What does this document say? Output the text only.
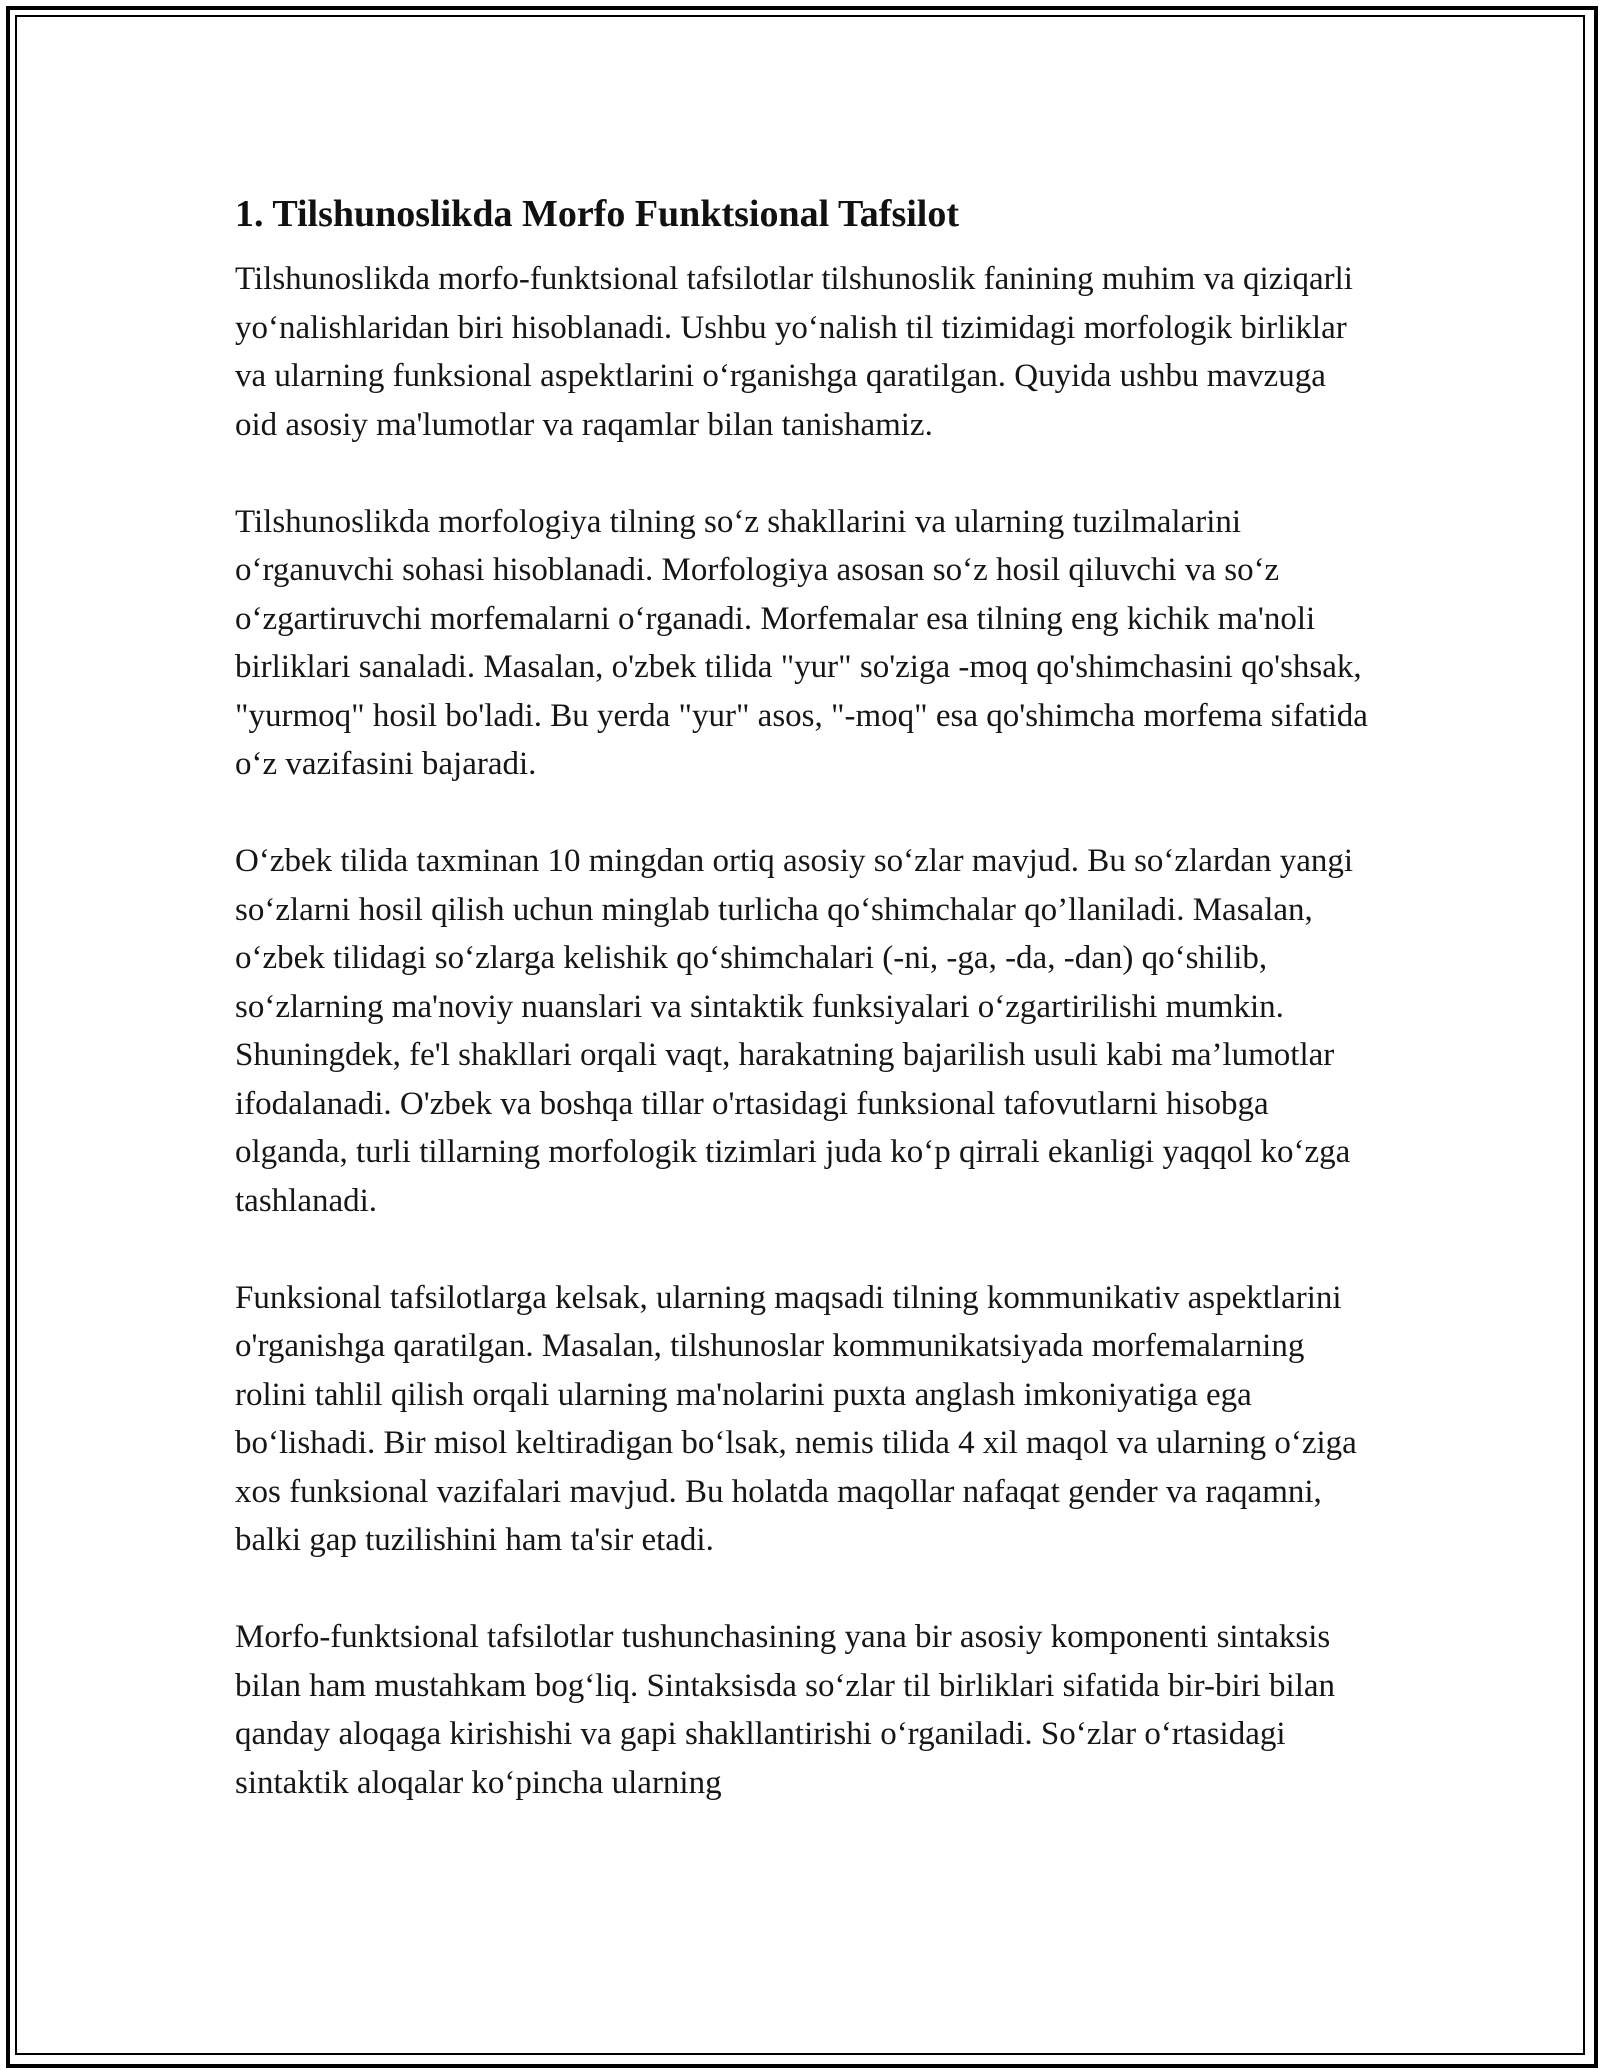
1. Tilshunoslikda Morfo Funktsional Tafsilot

Tilshunoslikda morfo-funktsional tafsilotlar tilshunoslik fanining muhim va qiziqarli yo‘nalishlaridan biri hisoblanadi. Ushbu yo‘nalish til tizimidagi morfologik birliklar va ularning funksional aspektlarini o‘rganishga qaratilgan. Quyida ushbu mavzuga oid asosiy ma'lumotlar va raqamlar bilan tanishamiz.

Tilshunoslikda morfologiya tilning so‘z shakllarini va ularning tuzilmalarini o‘rganuvchi sohasi hisoblanadi. Morfologiya asosan so‘z hosil qiluvchi va so‘z o‘zgartiruvchi morfemalarni o‘rganadi. Morfemalar esa tilning eng kichik ma'noli birliklari sanaladi. Masalan, o'zbek tilida "yur" so'ziga -moq qo'shimchasini qo'shsak, "yurmoq" hosil bo'ladi. Bu yerda "yur" asos, "-moq" esa qo'shimcha morfema sifatida o‘z vazifasini bajaradi.

O‘zbek tilida taxminan 10 mingdan ortiq asosiy so‘zlar mavjud. Bu so‘zlardan yangi so‘zlarni hosil qilish uchun minglab turlicha qo‘shimchalar qo’llaniladi. Masalan, o‘zbek tilidagi so‘zlarga kelishik qo‘shimchalari (-ni, -ga, -da, -dan) qo‘shilib, so‘zlarning ma'noviy nuanslari va sintaktik funksiyalari o‘zgartirilishi mumkin. Shuningdek, fe'l shakllari orqali vaqt, harakatning bajarilish usuli kabi ma’lumotlar ifodalanadi. O'zbek va boshqa tillar o'rtasidagi funksional tafovutlarni hisobga olganda, turli tillarning morfologik tizimlari juda ko‘p qirrali ekanligi yaqqol ko‘zga tashlanadi.

Funksional tafsilotlarga kelsak, ularning maqsadi tilning kommunikativ aspektlarini o'rganishga qaratilgan. Masalan, tilshunoslar kommunikatsiyada morfemalarning rolini tahlil qilish orqali ularning ma'nolarini puxta anglash imkoniyatiga ega bo‘lishadi. Bir misol keltiradigan bo‘lsak, nemis tilida 4 xil maqol va ularning o‘ziga xos funksional vazifalari mavjud. Bu holatda maqollar nafaqat gender va raqamni, balki gap tuzilishini ham ta'sir etadi.

Morfo-funktsional tafsilotlar tushunchasining yana bir asosiy komponenti sintaksis bilan ham mustahkam bog‘liq. Sintaksisda so‘zlar til birliklari sifatida bir-biri bilan qanday aloqaga kirishishi va gapi shakllantirishi o‘rganiladi. So‘zlar o‘rtasidagi sintaktik aloqalar ko‘pincha ularning
